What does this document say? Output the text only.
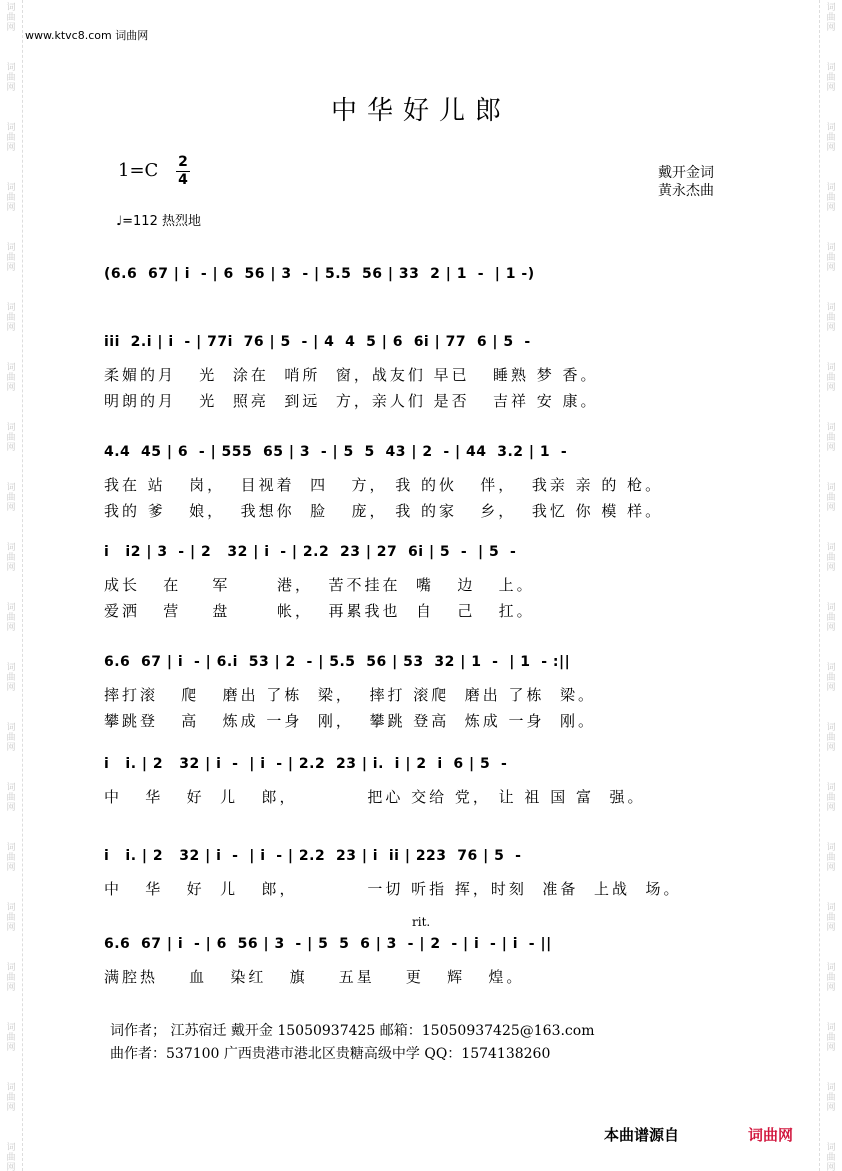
词
曲
网
词
曲
网
词
曲
网
词
曲
网
词
曲
网
词
曲
网
词
曲
网
词
曲
网
词
曲
网
词
曲
网
词
曲
网
词
曲
网
词
曲
网
词
曲
网
词
曲
网
词
曲
网
词
曲
网
词
曲
网
词
曲
网
词
曲
网
词
曲
网
词
曲
网
词
曲
网
词
曲
网
词
曲
网
词
曲
网
词
曲
网
词
曲
网
词
曲
网
词
曲
网
词
曲
网
词
曲
网
词
曲
网
词
曲
网
词
曲
网
词
曲
网
词
曲
网
词
曲
网
词
曲
网
词
曲
网
www.ktvc8.com 词曲网
中华好儿郎
1=C 2
4
♩=112 热烈地
戴开金词
黄永杰曲
rit.
(6.6  67 | i  - | 6  56 | 3  - | 5.5  56 | 33  2 | 1  -  | 1 -)
iii  2.i | i  - | 77i  76 | 5  - | 4  4  5 | 6  6i | 77  6 | 5  -
柔媚的月   光  涂在  哨所  窗，战友们 早已   睡熟 梦 香。
明朗的月   光  照亮  到远  方，亲人们 是否   吉祥 安 康。
4.4  45 | 6  - | 555  65 | 3  - | 5  5  43 | 2  - | 44  3.2 | 1  -
我在 站   岗，  目视着  四   方， 我 的伙   伴，  我亲 亲 的 枪。
我的 爹   娘，  我想你  脸   庞， 我 的家   乡，  我忆 你 模 样。
i   i2 | 3  - | 2   32 | i  - | 2.2  23 | 27  6i | 5  -  | 5  -
成长   在    军      港，  苦不挂在  嘴   边   上。
爱洒   营    盘      帐，  再累我也  自   己   扛。
6.6  67 | i  - | 6.i  53 | 2  - | 5.5  56 | 53  32 | 1  -  | 1  - :||
摔打滚   爬   磨出 了栋  梁，  摔打 滚爬  磨出 了栋  梁。
攀跳登   高   炼成 一身  刚，  攀跳 登高  炼成 一身  刚。
i   i. | 2   32 | i  -  | i  - | 2.2  23 | i.  i | 2  i  6 | 5  -
中   华   好  儿   郎，         把心 交给 党， 让 祖 国 富  强。
i   i. | 2   32 | i  -  | i  - | 2.2  23 | i  ii | 223  76 | 5  -
中   华   好  儿   郎，         一切 听指 挥，时刻  准备  上战  场。
6.6  67 | i  - | 6  56 | 3  - | 5  5  6 | 3  - | 2  - | i  - | i  - ||
满腔热    血   染红   旗    五星    更   辉   煌。
词作者； 江苏宿迁 戴开金 15050937425 邮箱：15050937425@163.com
曲作者：537100 广西贵港市港北区贵糖高级中学 QQ：1574138260
本曲谱源自	词曲网
